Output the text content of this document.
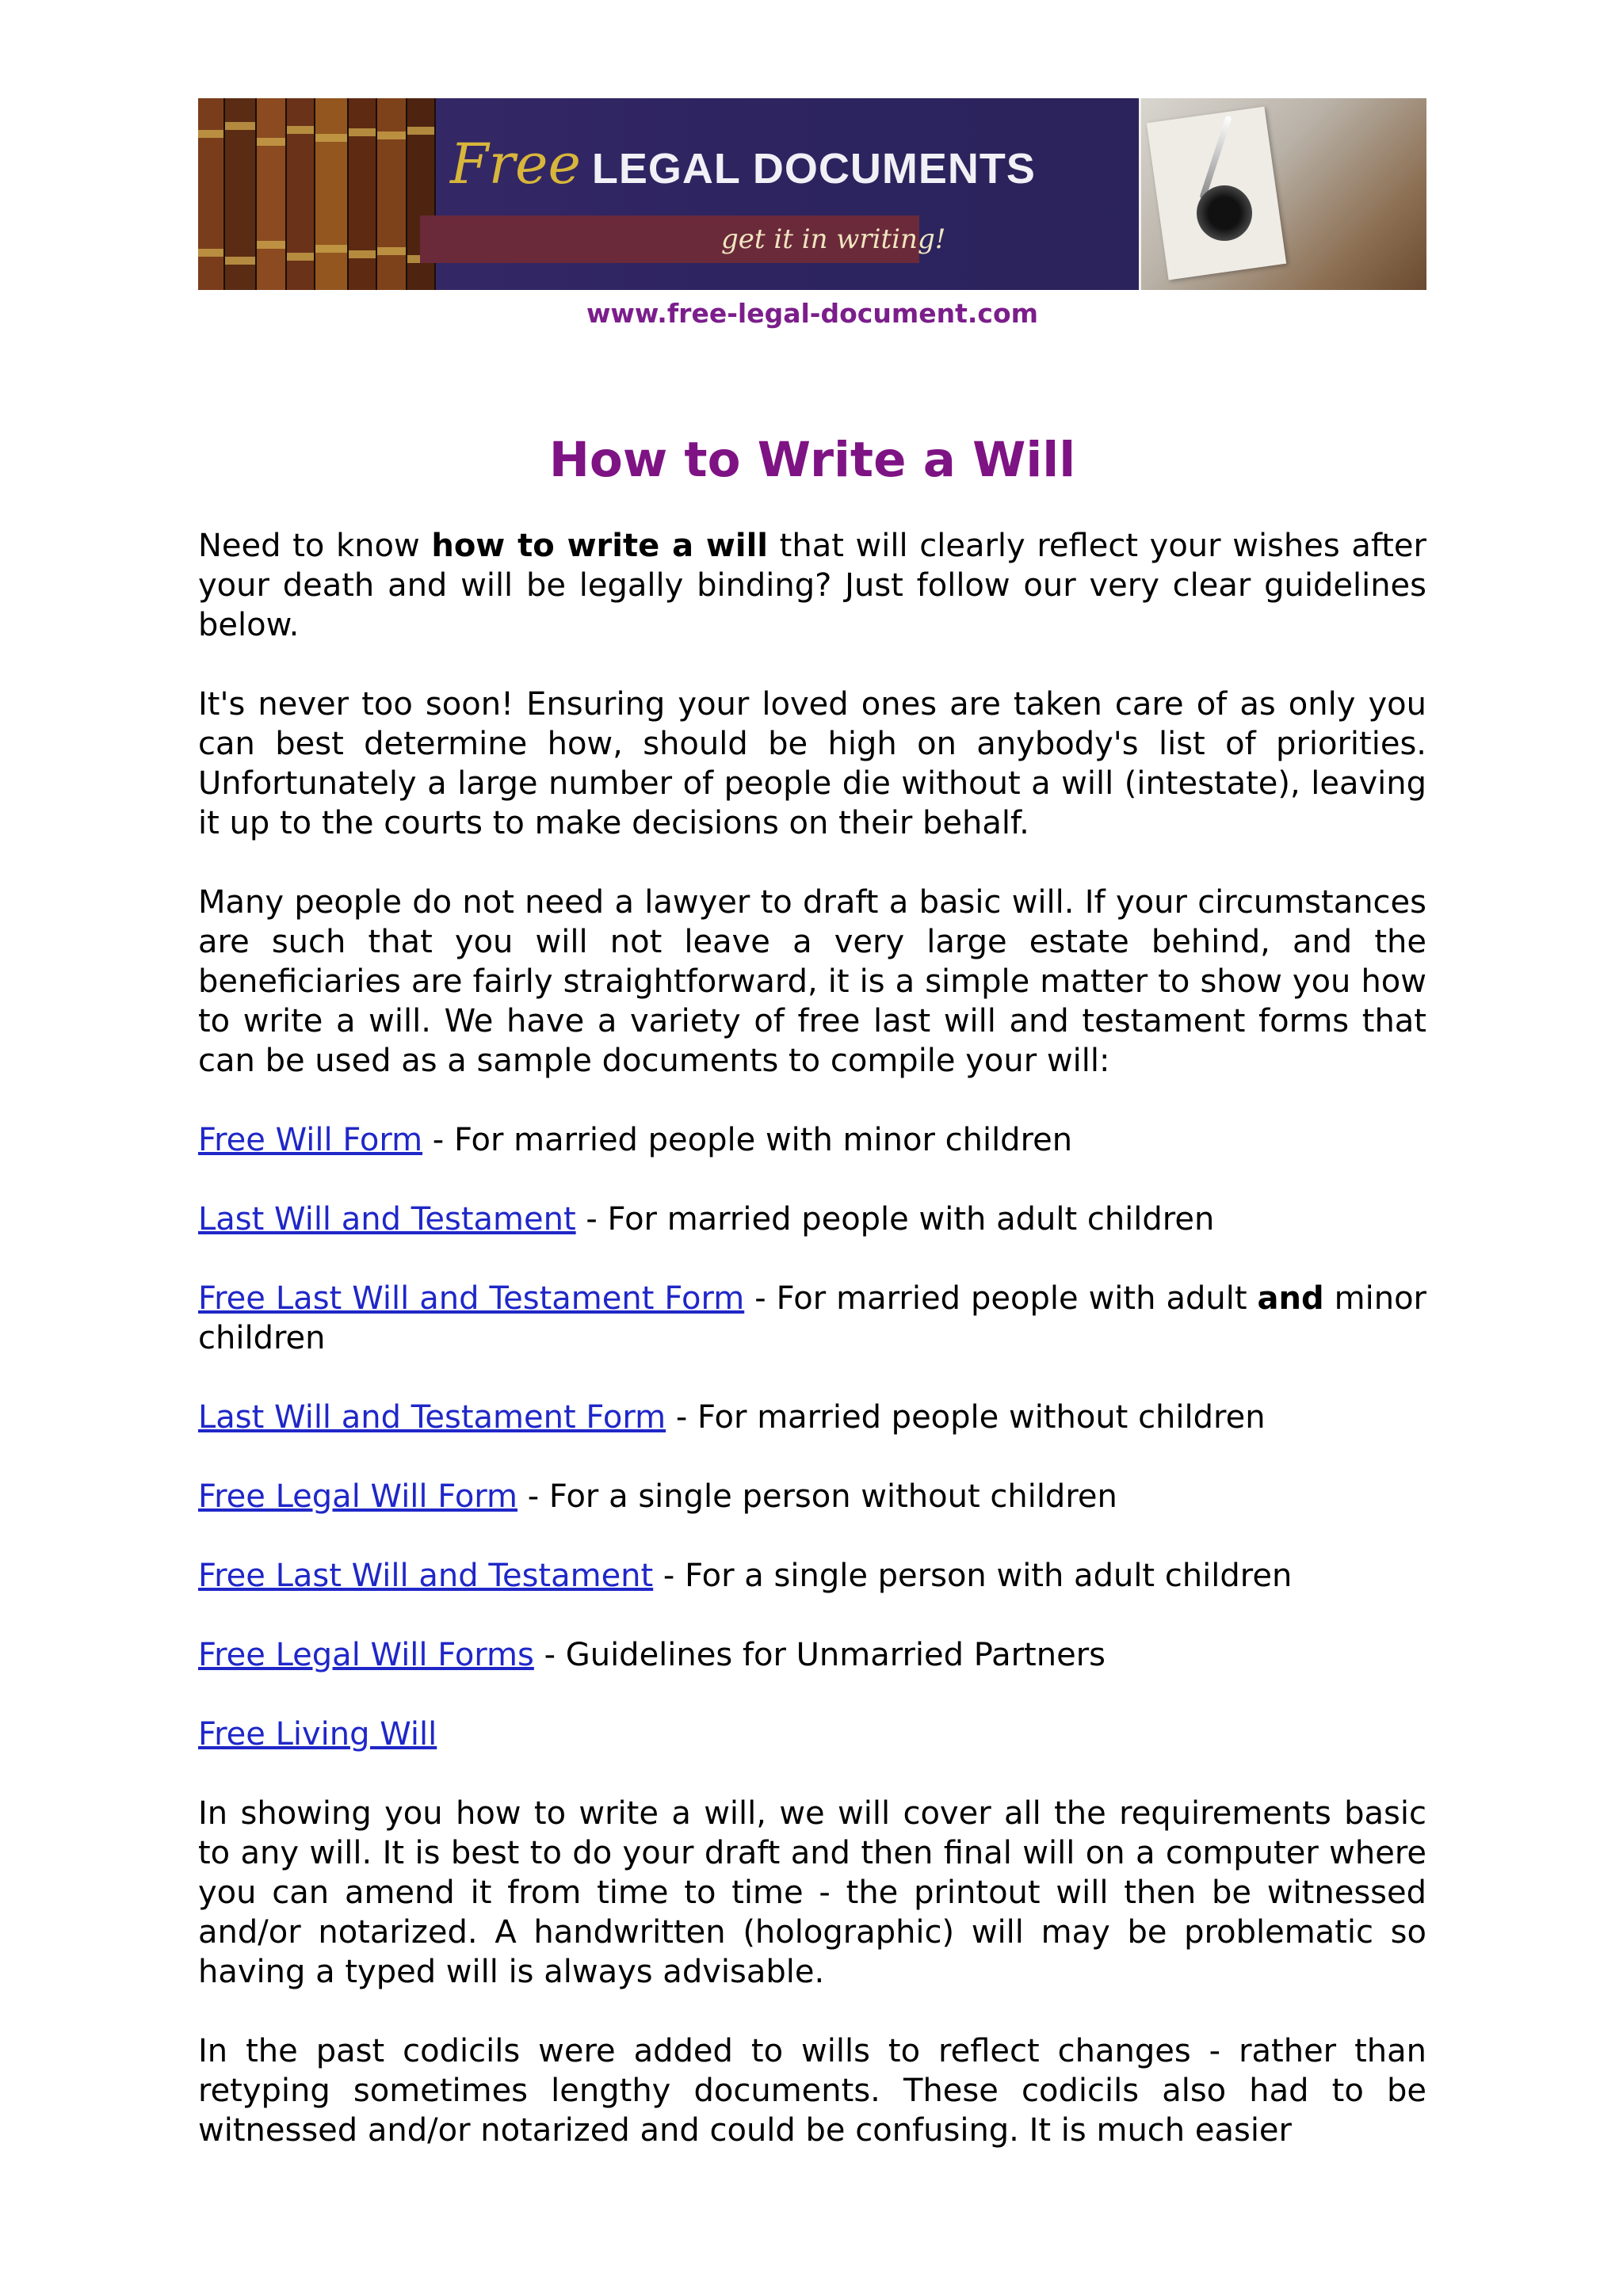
Free LEGAL DOCUMENTS
get it in writing!
www.free-legal-document.com
How to Write a Will

Need to know how to write a will that will clearly reflect your wishes after your death and will be legally binding? Just follow our very clear guidelines below.

It's never too soon! Ensuring your loved ones are taken care of as only you can best determine how, should be high on anybody's list of priorities. Unfortunately a large number of people die without a will (intestate), leaving it up to the courts to make decisions on their behalf.

Many people do not need a lawyer to draft a basic will. If your circumstances are such that you will not leave a very large estate behind, and the beneficiaries are fairly straightforward, it is a simple matter to show you how to write a will. We have a variety of free last will and testament forms that can be used as a sample documents to compile your will:

Free Will Form - For married people with minor children

Last Will and Testament - For married people with adult children

Free Last Will and Testament Form - For married people with adult and minor children

Last Will and Testament Form - For married people without children

Free Legal Will Form - For a single person without children

Free Last Will and Testament - For a single person with adult children

Free Legal Will Forms - Guidelines for Unmarried Partners

Free Living Will

In showing you how to write a will, we will cover all the requirements basic to any will. It is best to do your draft and then final will on a computer where you can amend it from time to time - the printout will then be witnessed and/or notarized. A handwritten (holographic) will may be problematic so having a typed will is always advisable.

In the past codicils were added to wills to reflect changes - rather than retyping sometimes lengthy documents. These codicils also had to be witnessed and/or notarized and could be confusing. It is much easier
